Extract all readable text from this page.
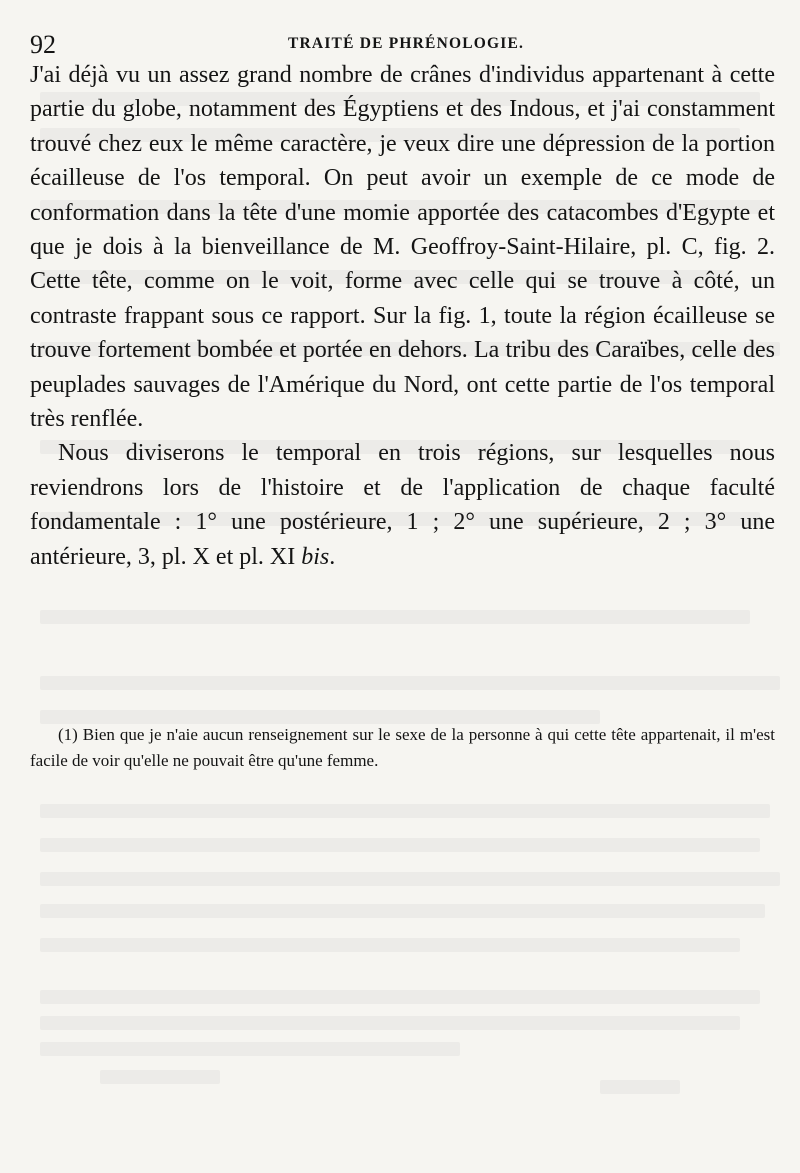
92	TRAITÉ DE PHRÉNOLOGIE.

J'ai déjà vu un assez grand nombre de crânes d'individus appartenant à cette partie du globe, notamment des Égyptiens et des Indous, et j'ai constamment trouvé chez eux le même caractère, je veux dire une dépression de la portion écailleuse de l'os temporal. On peut avoir un exemple de ce mode de conformation dans la tête d'une momie apportée des catacombes d'Egypte et que je dois à la bienveillance de M. Geoffroy-Saint-Hilaire, pl. C, fig. 2. Cette tête, comme on le voit, forme avec celle qui se trouve à côté, un contraste frappant sous ce rapport. Sur la fig. 1, toute la région écailleuse se trouve fortement bombée et portée en dehors. La tribu des Caraïbes, celle des peuplades sauvages de l'Amérique du Nord, ont cette partie de l'os temporal très renflée.

Nous diviserons le temporal en trois régions, sur lesquelles nous reviendrons lors de l'histoire et de l'application de chaque faculté fondamentale : 1° une postérieure, 1 ; 2° une supérieure, 2 ; 3° une antérieure, 3, pl. X et pl. XI bis.

(1) Bien que je n'aie aucun renseignement sur le sexe de la personne à qui cette tête appartenait, il m'est facile de voir qu'elle ne pouvait être qu'une femme.
